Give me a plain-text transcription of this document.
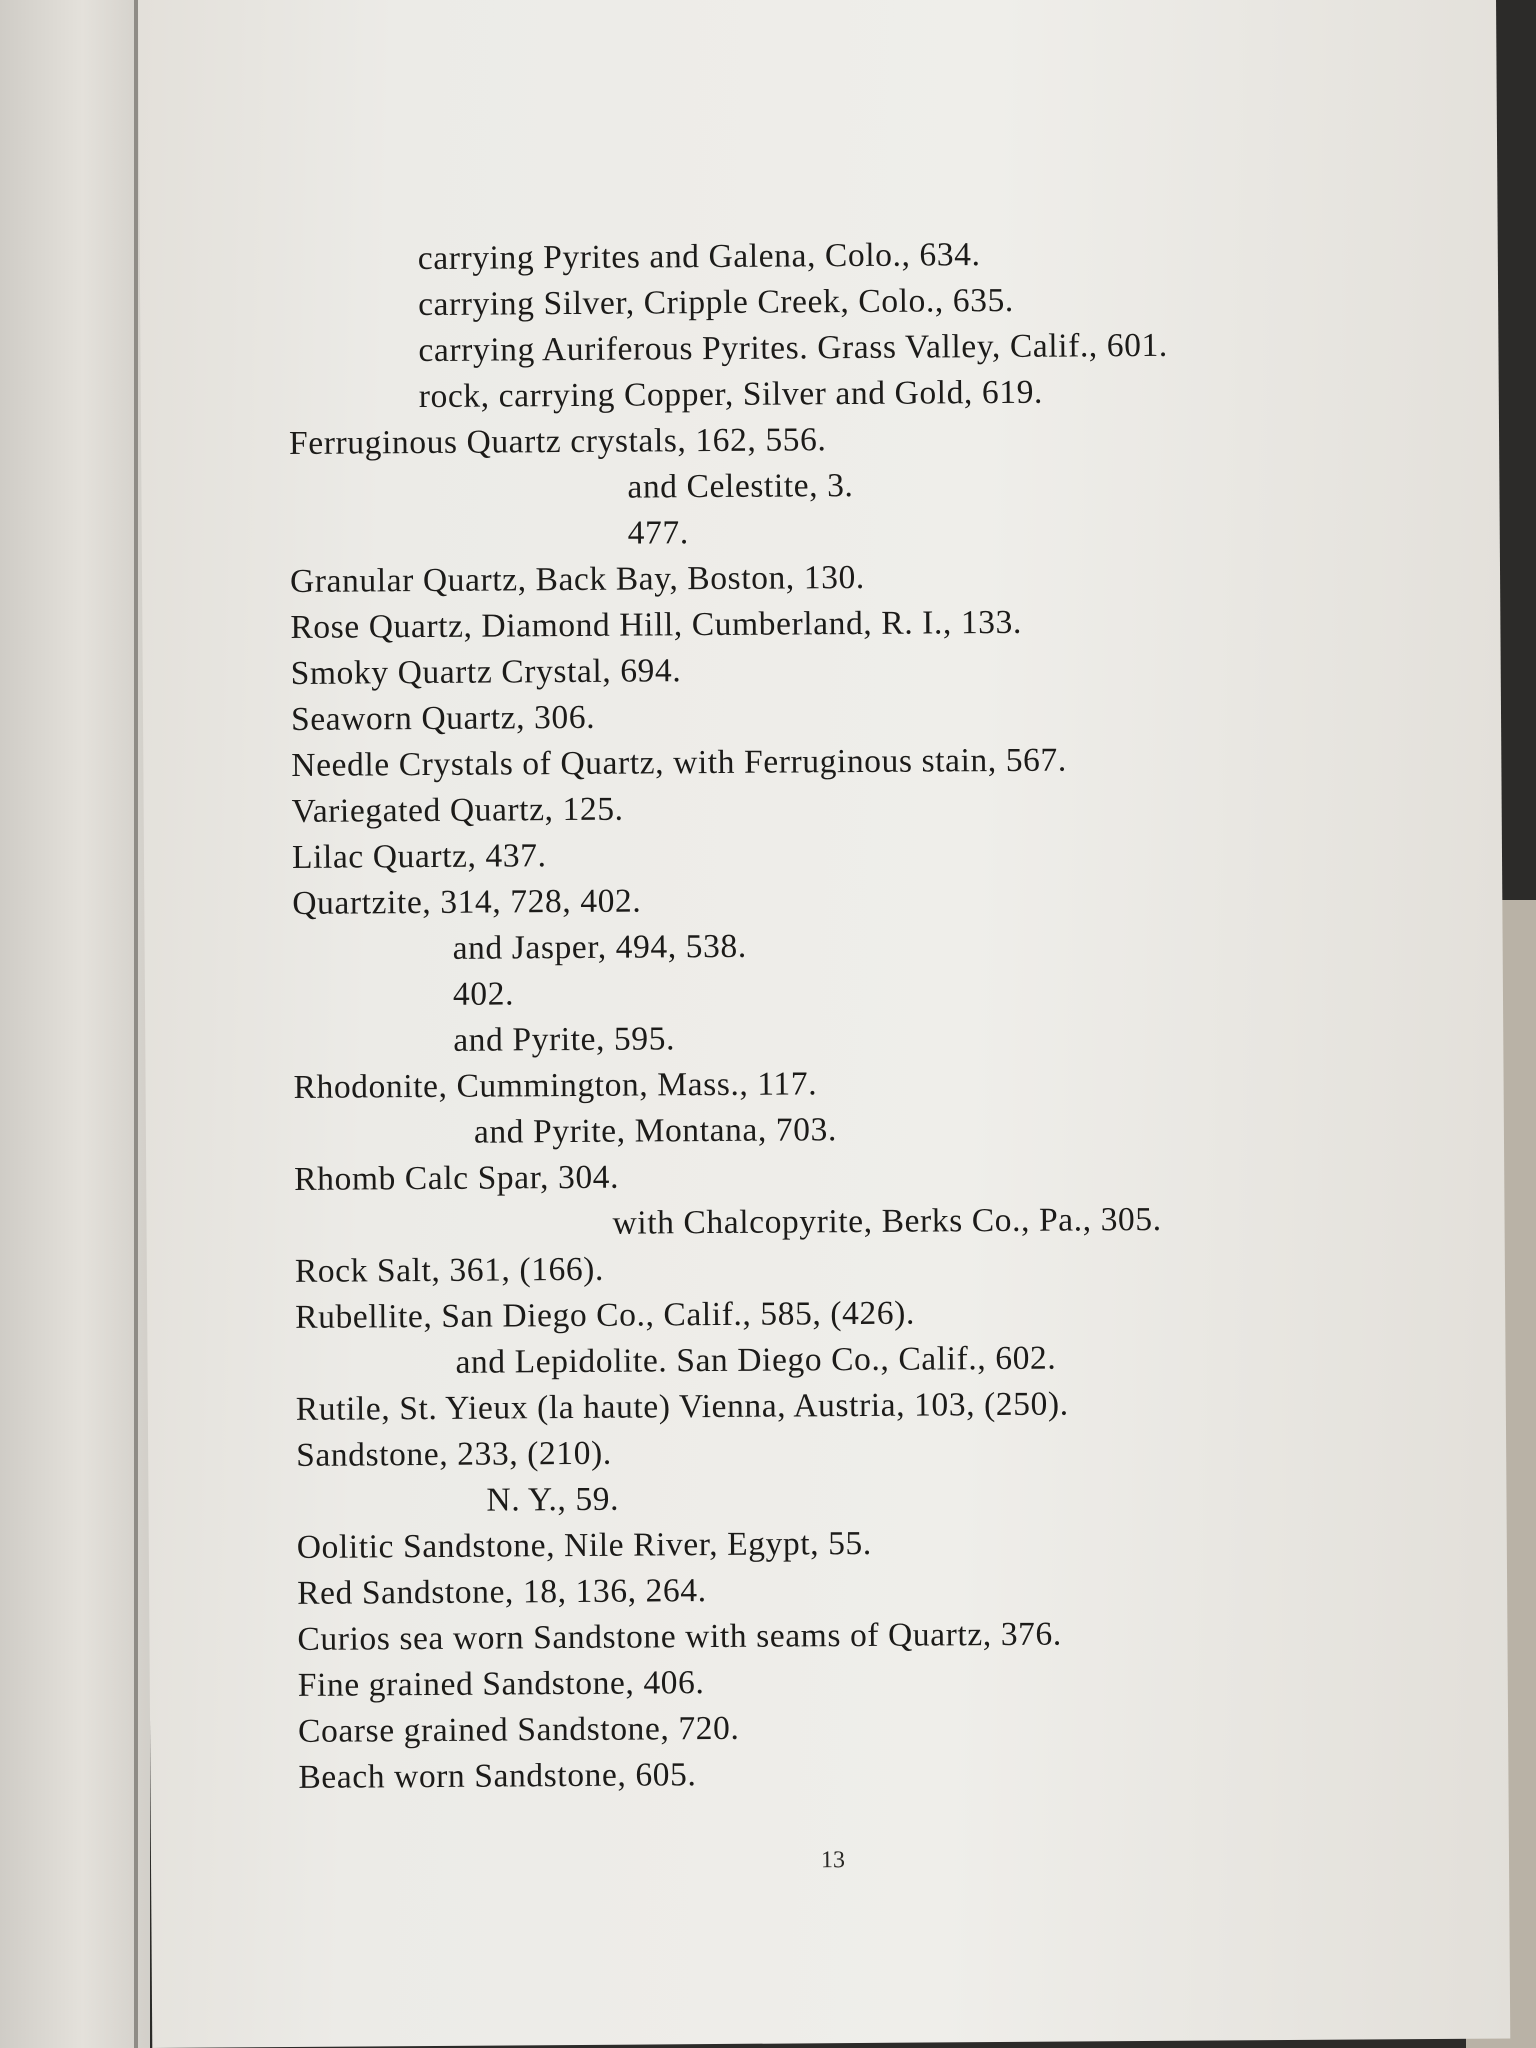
carrying Pyrites and Galena, Colo., 634.
carrying Silver, Cripple Creek, Colo., 635.
carrying Auriferous Pyrites. Grass Valley, Calif., 601.
rock, carrying Copper, Silver and Gold, 619.
Ferruginous Quartz crystals, 162, 556.
and Celestite, 3.
477.
Granular Quartz, Back Bay, Boston, 130.
Rose Quartz, Diamond Hill, Cumberland, R. I., 133.
Smoky Quartz Crystal, 694.
Seaworn Quartz, 306.
Needle Crystals of Quartz, with Ferruginous stain, 567.
Variegated Quartz, 125.
Lilac Quartz, 437.
Quartzite, 314, 728, 402.
and Jasper, 494, 538.
402.
and Pyrite, 595.
Rhodonite, Cummington, Mass., 117.
and Pyrite, Montana, 703.
Rhomb Calc Spar, 304.
with Chalcopyrite, Berks Co., Pa., 305.
Rock Salt, 361, (166).
Rubellite, San Diego Co., Calif., 585, (426).
and Lepidolite. San Diego Co., Calif., 602.
Rutile, St. Yieux (la haute) Vienna, Austria, 103, (250).
Sandstone, 233, (210).
N. Y., 59.
Oolitic Sandstone, Nile River, Egypt, 55.
Red Sandstone, 18, 136, 264.
Curios sea worn Sandstone with seams of Quartz, 376.
Fine grained Sandstone, 406.
Coarse grained Sandstone, 720.
Beach worn Sandstone, 605.
13
